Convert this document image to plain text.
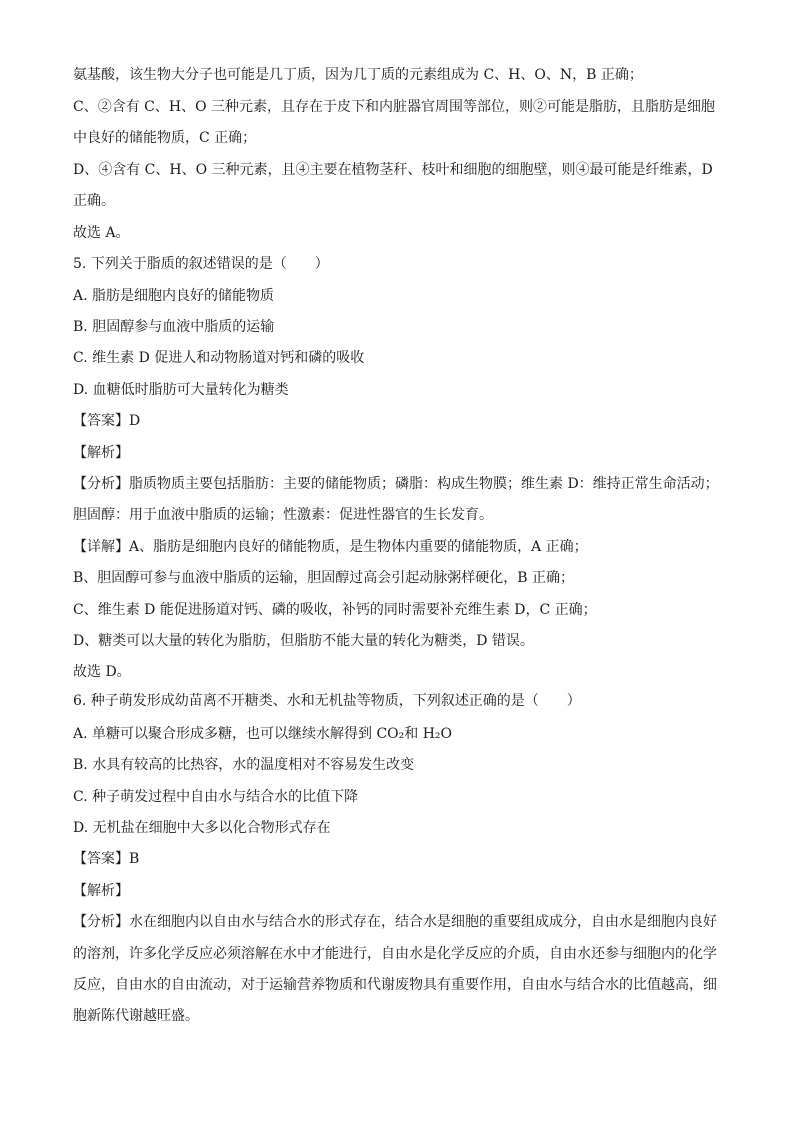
氨基酸，该生物大分子也可能是几丁质，因为几丁质的元素组成为 C、H、O、N，B 正确；
C、②含有 C、H、O 三种元素，且存在于皮下和内脏器官周围等部位，则②可能是脂肪，且脂肪是细胞
中良好的储能物质，C 正确；
D、④含有 C、H、O 三种元素，且④主要在植物茎秆、枝叶和细胞的细胞壁，则④最可能是纤维素，D
正确。
故选 A。
5. 下列关于脂质的叙述错误的是（　　）
A. 脂肪是细胞内良好的储能物质
B. 胆固醇参与血液中脂质的运输
C. 维生素 D 促进人和动物肠道对钙和磷的吸收
D. 血糖低时脂肪可大量转化为糖类
【答案】D
【解析】
【分析】脂质物质主要包括脂肪：主要的储能物质；磷脂：构成生物膜；维生素 D：维持正常生命活动；
胆固醇：用于血液中脂质的运输；性激素：促进性器官的生长发育。
【详解】A、脂肪是细胞内良好的储能物质，是生物体内重要的储能物质，A 正确；
B、胆固醇可参与血液中脂质的运输，胆固醇过高会引起动脉粥样硬化，B 正确；
C、维生素 D 能促进肠道对钙、磷的吸收，补钙的同时需要补充维生素 D，C 正确；
D、糖类可以大量的转化为脂肪，但脂肪不能大量的转化为糖类，D 错误。
故选 D。
6. 种子萌发形成幼苗离不开糖类、水和无机盐等物质，下列叙述正确的是（　　）
A. 单糖可以聚合形成多糖，也可以继续水解得到 CO₂和 H₂O
B. 水具有较高的比热容，水的温度相对不容易发生改变
C. 种子萌发过程中自由水与结合水的比值下降
D. 无机盐在细胞中大多以化合物形式存在
【答案】B
【解析】
【分析】水在细胞内以自由水与结合水的形式存在，结合水是细胞的重要组成成分，自由水是细胞内良好
的溶剂，许多化学反应必须溶解在水中才能进行，自由水是化学反应的介质，自由水还参与细胞内的化学
反应，自由水的自由流动，对于运输营养物质和代谢废物具有重要作用，自由水与结合水的比值越高，细
胞新陈代谢越旺盛。
